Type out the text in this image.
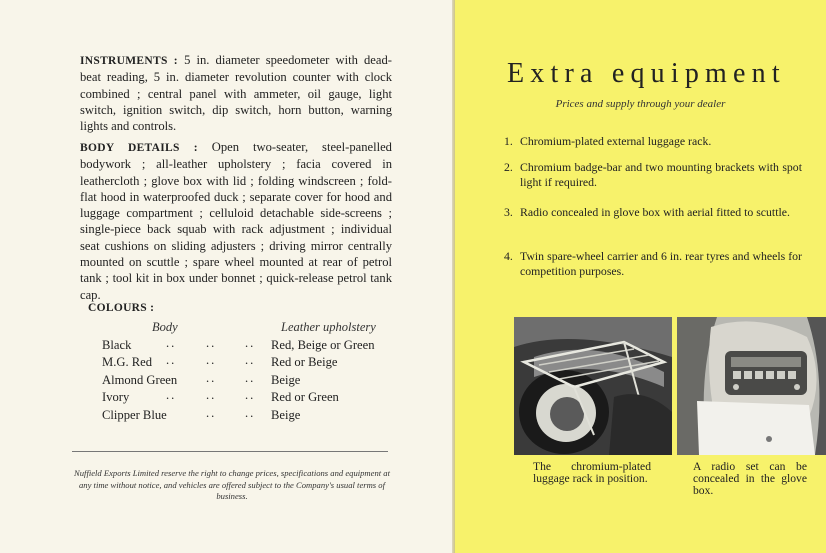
INSTRUMENTS : 5 in. diameter speedometer with dead-beat reading, 5 in. diameter revolution counter with clock combined ; central panel with ammeter, oil gauge, light switch, ignition switch, dip switch, horn button, warning lights and controls.
BODY DETAILS : Open two-seater, steel-panelled bodywork ; all-leather upholstery ; facia covered in leathercloth ; glove box with lid ; folding windscreen ; fold-flat hood in waterproofed duck ; separate cover for hood and luggage compartment ; celluloid detachable side-screens ; single-piece back squab with rack adjustment ; individual seat cushions on sliding adjusters ; driving mirror centrally mounted on scuttle ; spare wheel mounted at rear of petrol tank ; tool kit in box under bonnet ; quick-release petrol tank cap.
COLOURS :
Body	Leather upholstery
Black	.. .. .. Red, Beige or Green
M.G. Red .. .. .. Red or Beige
Almond Green .. .. Beige
Ivory	.. .. .. Red or Green
Clipper Blue	.. .. Beige
Nuffield Exports Limited reserve the right to change prices, specifications and equipment at any time without notice, and vehicles are offered subject to the Company's usual terms of business.
Extra equipment
Prices and supply through your dealer
1. Chromium-plated external luggage rack.
2. Chromium badge-bar and two mounting brackets with spot light if required.
3. Radio concealed in glove box with aerial fitted to scuttle.
4. Twin spare-wheel carrier and 6 in. rear tyres and wheels for competition purposes.
The chromium-plated luggage rack in position.
A radio set can be concealed in the glove box.
